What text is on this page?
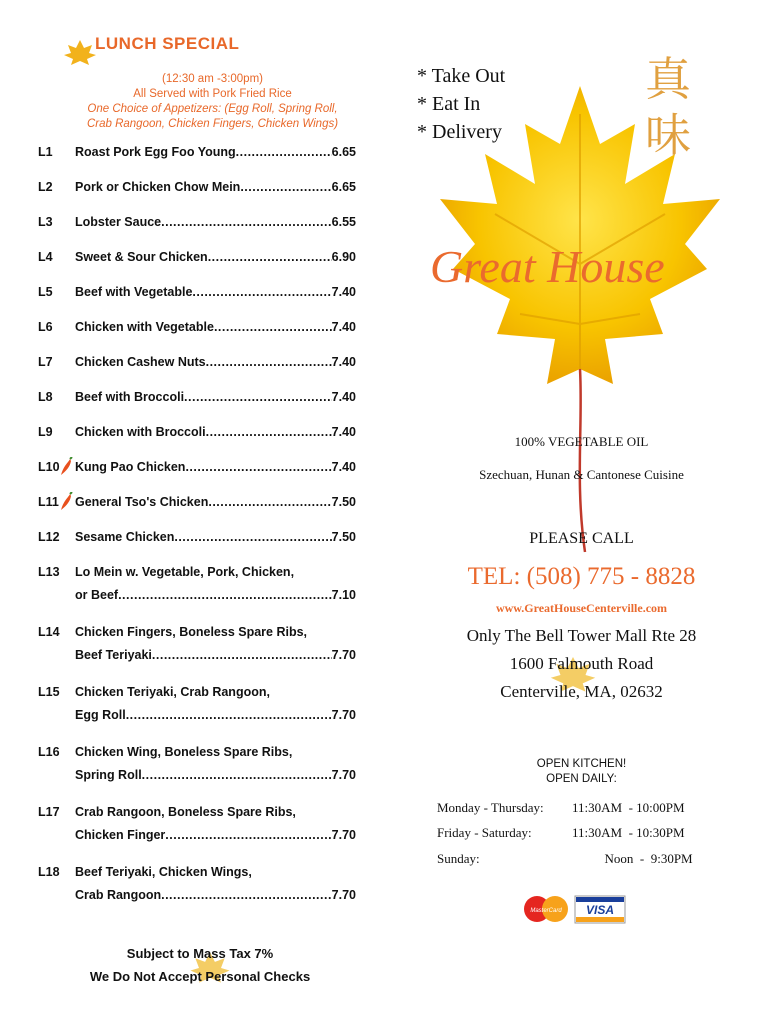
LUNCH SPECIAL
(12:30 am -3:00pm)
All Served with Pork Fried Rice
One Choice of Appetizers: (Egg Roll, Spring Roll,
Crab Rangoon, Chicken Fingers, Chicken Wings)
L1	Roast Pork Egg Foo Young .....	6.65
L2	Pork or Chicken Chow Mein .....	6.65
L3	Lobster Sauce .....	6.55
L4	Sweet & Sour Chicken .....	6.90
L5	Beef with Vegetable .....	7.40
L6	Chicken with Vegetable .....	7.40
L7	Chicken Cashew Nuts .....	7.40
L8	Beef with Broccoli .....	7.40
L9	Chicken with Broccoli .....	7.40
L10	Kung Pao Chicken .....	7.40
L11	General Tso's Chicken .....	7.50
L12	Sesame Chicken .....	7.50
L13	Lo Mein w. Vegetable, Pork, Chicken,
or Beef .....	7.10
L14	Chicken Fingers, Boneless Spare Ribs,
Beef Teriyaki .....	7.70
L15	Chicken Teriyaki, Crab Rangoon,
Egg Roll .....	7.70
L16	Chicken Wing, Boneless Spare Ribs,
Spring Roll .....	7.70
L17	Crab Rangoon, Boneless Spare Ribs,
Chicken Finger .....	7.70
L18	Beef Teriyaki, Chicken Wings,
Crab Rangoon .....	7.70
Subject to Mass Tax 7%
We Do Not Accept Personal Checks
* Take Out
* Eat In
* Delivery
真
味
Great House
100% VEGETABLE OIL
Szechuan, Hunan & Cantonese Cuisine
PLEASE CALL
TEL: (508) 775 - 8828
www.GreatHouseCenterville.com
Only The Bell Tower Mall Rte 28
1600 Falmouth Road
Centerville, MA, 02632
OPEN KITCHEN!
OPEN DAILY:
Monday - Thursday: 11:30AM  - 10:00PM
Friday - Saturday:	11:30AM  - 10:30PM
Sunday:	Noon  -  9:30PM
MasterCard VISA
